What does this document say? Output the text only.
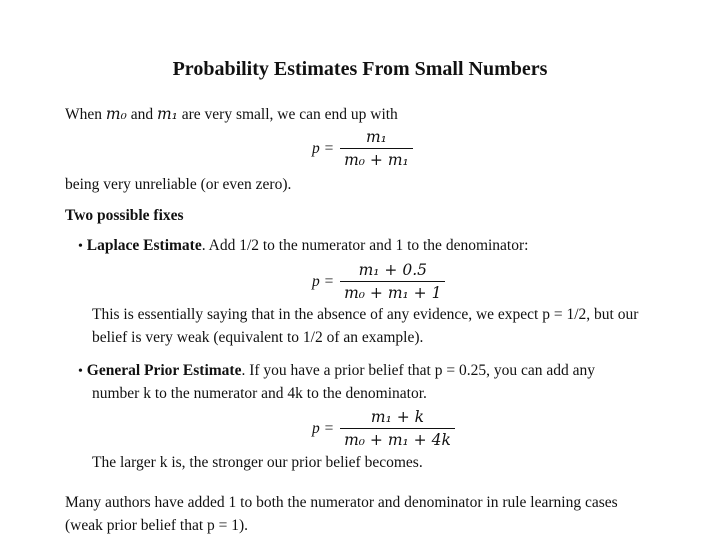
Probability Estimates From Small Numbers
When m₀ and m₁ are very small, we can end up with
$p = \frac{\text{m₁}}{\text{m₀ + m₁}}$
being very unreliable (or even zero).
Two possible fixes
• Laplace Estimate. Add 1/2 to the numerator and 1 to the denominator:
$p = \frac{\text{m₁ + 0.5}}{\text{m₀ + m₁ + 1}}$
This is essentially saying that in the absence of any evidence, we expect p = 1/2, but our
belief is very weak (equivalent to 1/2 of an example).
• General Prior Estimate. If you have a prior belief that p = 0.25, you can add any
number k to the numerator and 4k to the denominator.
$p = \frac{\text{m₁ + k}}{\text{m₀ + m₁ + 4k}}$
The larger k is, the stronger our prior belief becomes.
Many authors have added 1 to both the numerator and denominator in rule learning cases
(weak prior belief that p = 1).
